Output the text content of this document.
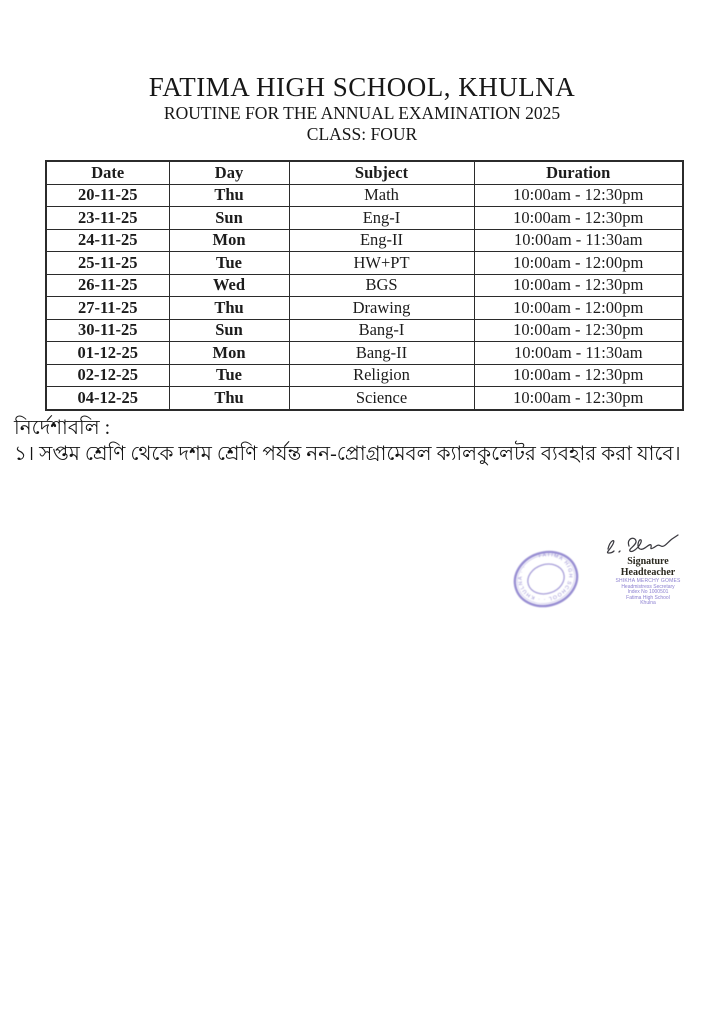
FATIMA HIGH SCHOOL, KHULNA
ROUTINE FOR THE ANNUAL EXAMINATION 2025
CLASS: FOUR
Date	Day	Subject	Duration
20-11-25	Thu	Math	10:00am - 12:30pm
23-11-25	Sun	Eng-I	10:00am - 12:30pm
24-11-25	Mon	Eng-II	10:00am - 11:30am
25-11-25	Tue	HW+PT	10:00am - 12:00pm
26-11-25	Wed	BGS	10:00am - 12:30pm
27-11-25	Thu	Drawing	10:00am - 12:00pm
30-11-25	Sun	Bang-I	10:00am - 12:30pm
01-12-25	Mon	Bang-II	10:00am - 11:30am
02-12-25	Tue	Religion	10:00am - 12:30pm
04-12-25	Thu	Science	10:00am - 12:30pm
নির্দেশাবলি :
১। সপ্তম শ্রেণি থেকে দশম শ্রেণি পর্যন্ত নন-প্রোগ্রামেবল ক্যালকুলেটর ব্যবহার করা যাবে।
Signature
Headteacher
SHIKHA MERCHY GOMES
Headmistress Secretary
Index No 1000501
Fatima High School
Khulna
FATIMA HIGH SCHOOL · · KHULNA · ·
